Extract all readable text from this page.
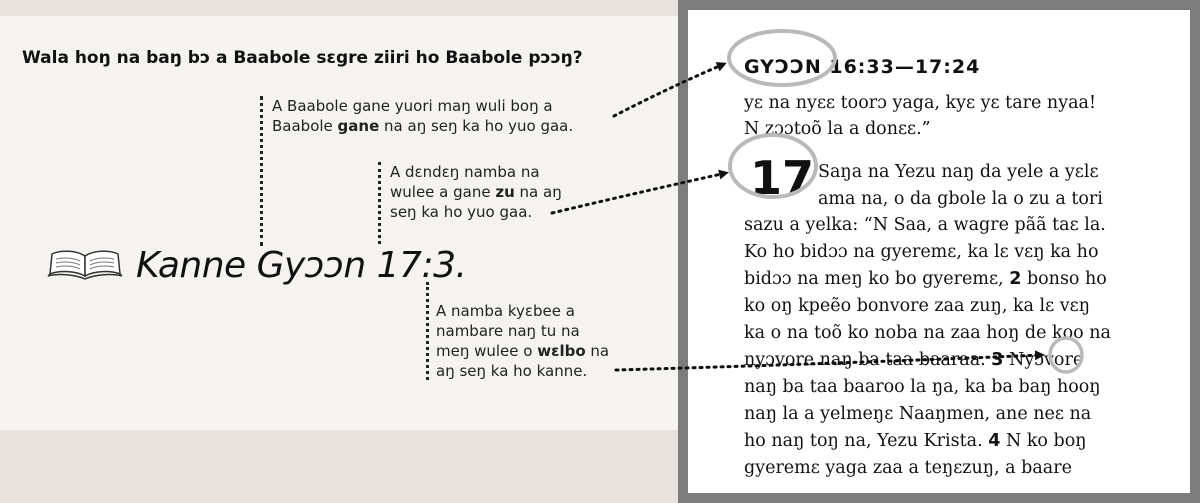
Wala hoŋ na baŋ bɔ a Baabole sɛgre ziiri ho Baabole pɔɔŋ?
A Baabole gane yuori maŋ wuli boŋ a
Baabole gane na aŋ seŋ ka ho yuo gaa.
A dɛndɛŋ namba na
wulee a gane zu na aŋ
seŋ ka ho yuo gaa.
A namba kyɛbee a
nambare naŋ tu na
meŋ wulee o wɛlbo na
aŋ seŋ ka ho kanne.
Kanne Gyɔɔn 17:3.
GYƆƆN 16:33—17:24
17
yɛ na nyɛɛ toorɔ yaga, kyɛ yɛ tare nyaa!
N zɔɔtoõ la a donɛɛ.”
Saŋa na Yezu naŋ da yele a yɛlɛ
ama na, o da gbole la o zu a tori
sazu a yelka: “N Saa, a wagre pãã taɛ la.
Ko ho bidɔɔ na gyeremɛ, ka lɛ vɛŋ ka ho
bidɔɔ na meŋ ko bo gyeremɛ, 2 bonso ho
ko oŋ kpeẽo bonvore zaa zuŋ, ka lɛ vɛŋ
ka o na toõ ko noba na zaa hoŋ de koo na
nyɔvore naŋ ba taa baaraa. 3 Nyɔvore
naŋ ba taa baaroo la ŋa, ka ba baŋ hooŋ
naŋ la a yelmeŋɛ Naaŋmen, ane neɛ na
ho naŋ toŋ na, Yezu Krista. 4 N ko boŋ
gyeremɛ yaga zaa a teŋɛzuŋ, a baare
